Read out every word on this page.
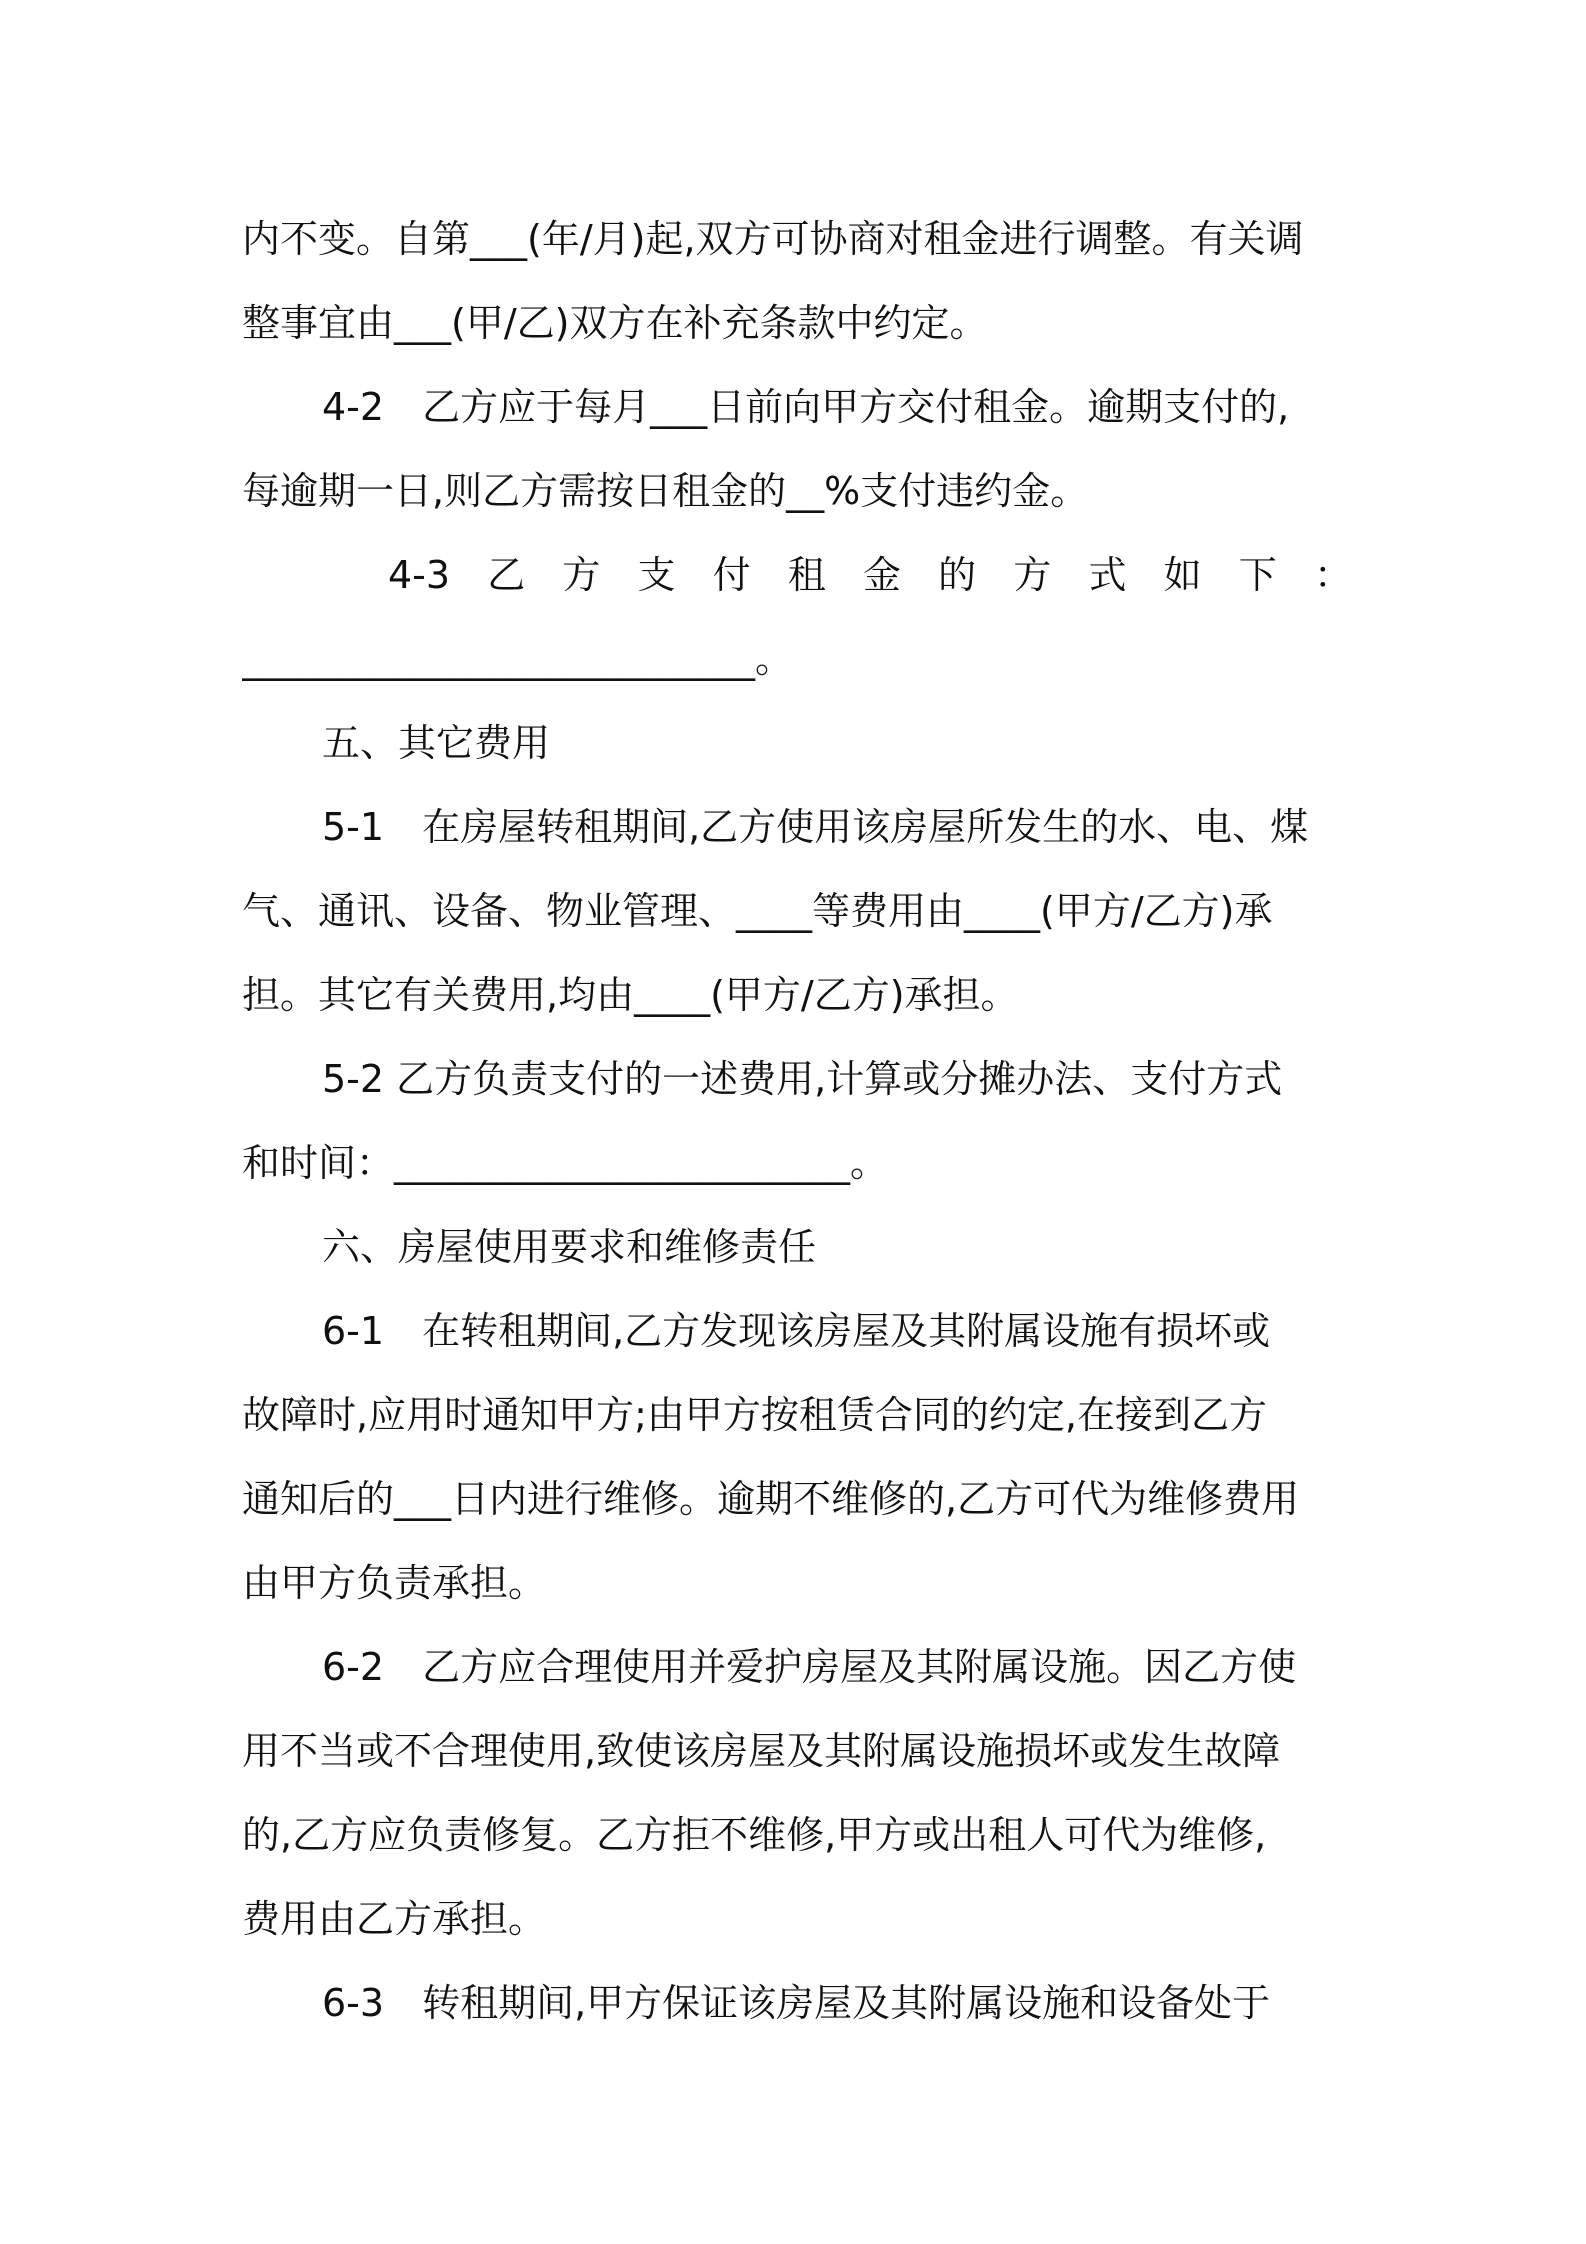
内不变。自第___(年/月)起,双方可协商对租金进行调整。有关调
整事宜由___(甲/乙)双方在补充条款中约定。
4-2　乙方应于每月___日前向甲方交付租金。逾期支付的,
每逾期一日,则乙方需按日租金的__%支付违约金。
4-3 乙 方 支 付 租 金 的 方 式 如 下 ：
___________________________。
五、其它费用
5-1　在房屋转租期间,乙方使用该房屋所发生的水、电、煤
气、通讯、设备、物业管理、____等费用由____(甲方/乙方)承
担。其它有关费用,均由____(甲方/乙方)承担。
5-2 乙方负责支付的一述费用,计算或分摊办法、支付方式
和时间：________________________。
六、房屋使用要求和维修责任
6-1　在转租期间,乙方发现该房屋及其附属设施有损坏或
故障时,应用时通知甲方;由甲方按租赁合同的约定,在接到乙方
通知后的___日内进行维修。逾期不维修的,乙方可代为维修费用
由甲方负责承担。
6-2　乙方应合理使用并爱护房屋及其附属设施。因乙方使
用不当或不合理使用,致使该房屋及其附属设施损坏或发生故障
的,乙方应负责修复。乙方拒不维修,甲方或出租人可代为维修,
费用由乙方承担。
6-3　转租期间,甲方保证该房屋及其附属设施和设备处于
